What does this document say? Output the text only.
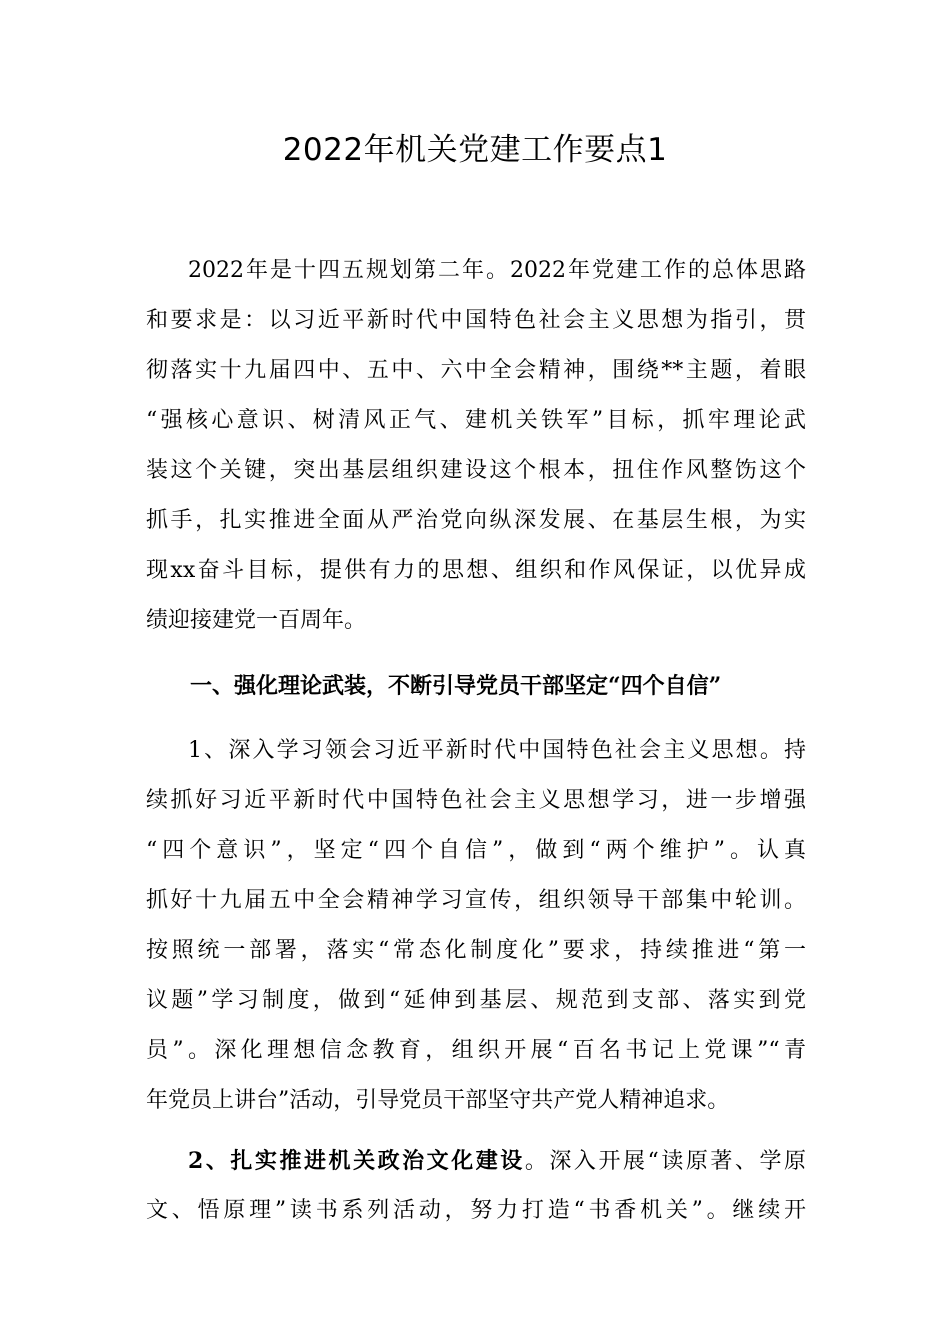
2022年机关党建工作要点1
2022年是十四五规划第二年。2022年党建工作的总体思路
和要求是：以习近平新时代中国特色社会主义思想为指引，贯
彻落实十九届四中、五中、六中全会精神，围绕**主题，着眼
“强核心意识、树清风正气、建机关铁军”目标，抓牢理论武
装这个关键，突出基层组织建设这个根本，扭住作风整饬这个
抓手，扎实推进全面从严治党向纵深发展、在基层生根，为实
现xx奋斗目标，提供有力的思想、组织和作风保证，以优异成
绩迎接建党一百周年。
一、强化理论武装，不断引导党员干部坚定“四个自信”
1、深入学习领会习近平新时代中国特色社会主义思想。持
续抓好习近平新时代中国特色社会主义思想学习，进一步增强
“四个意识”，坚定“四个自信”，做到“两个维护”。认真
抓好十九届五中全会精神学习宣传，组织领导干部集中轮训。
按照统一部署，落实“常态化制度化”要求，持续推进“第一
议题”学习制度，做到“延伸到基层、规范到支部、落实到党
员”。深化理想信念教育，组织开展“百名书记上党课”“青
年党员上讲台”活动，引导党员干部坚守共产党人精神追求。
2、扎实推进机关政治文化建设。深入开展“读原著、学原
文、悟原理”读书系列活动，努力打造“书香机关”。继续开
